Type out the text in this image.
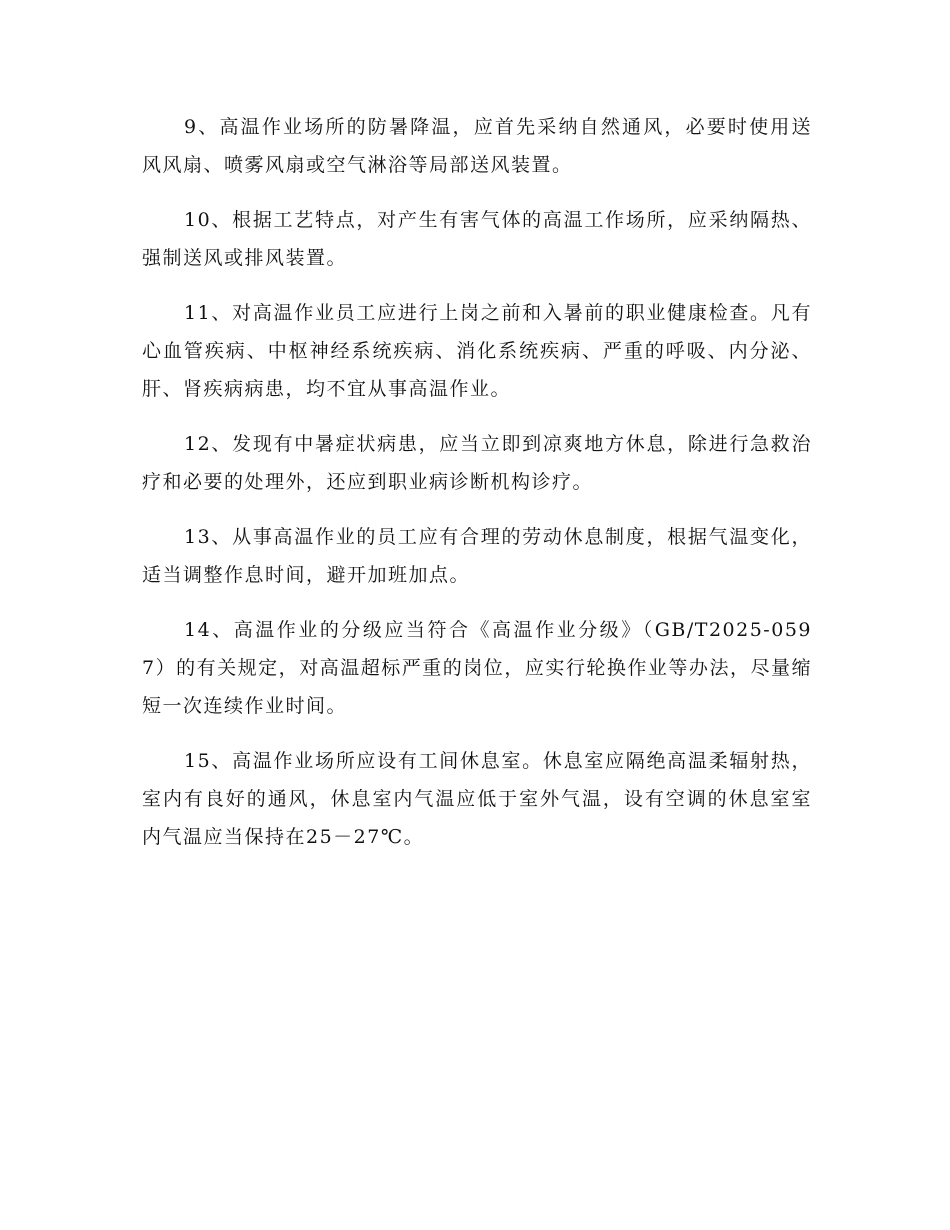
9、高温作业场所的防暑降温，应首先采纳自然通风，必要时使用送风风扇、喷雾风扇或空气淋浴等局部送风装置。

10、根据工艺特点，对产生有害气体的高温工作场所，应采纳隔热、强制送风或排风装置。

11、对高温作业员工应进行上岗之前和入暑前的职业健康检查。凡有心血管疾病、中枢神经系统疾病、消化系统疾病、严重的呼吸、内分泌、肝、肾疾病病患，均不宜从事高温作业。

12、发现有中暑症状病患，应当立即到凉爽地方休息，除进行急救治疗和必要的处理外，还应到职业病诊断机构诊疗。

13、从事高温作业的员工应有合理的劳动休息制度，根据气温变化，适当调整作息时间，避开加班加点。

14、高温作业的分级应当符合《高温作业分级》（GB/T2025-0597）的有关规定，对高温超标严重的岗位，应实行轮换作业等办法，尽量缩短一次连续作业时间。

15、高温作业场所应设有工间休息室。休息室应隔绝高温柔辐射热，室内有良好的通风，休息室内气温应低于室外气温，设有空调的休息室室内气温应当保持在25－27℃。
